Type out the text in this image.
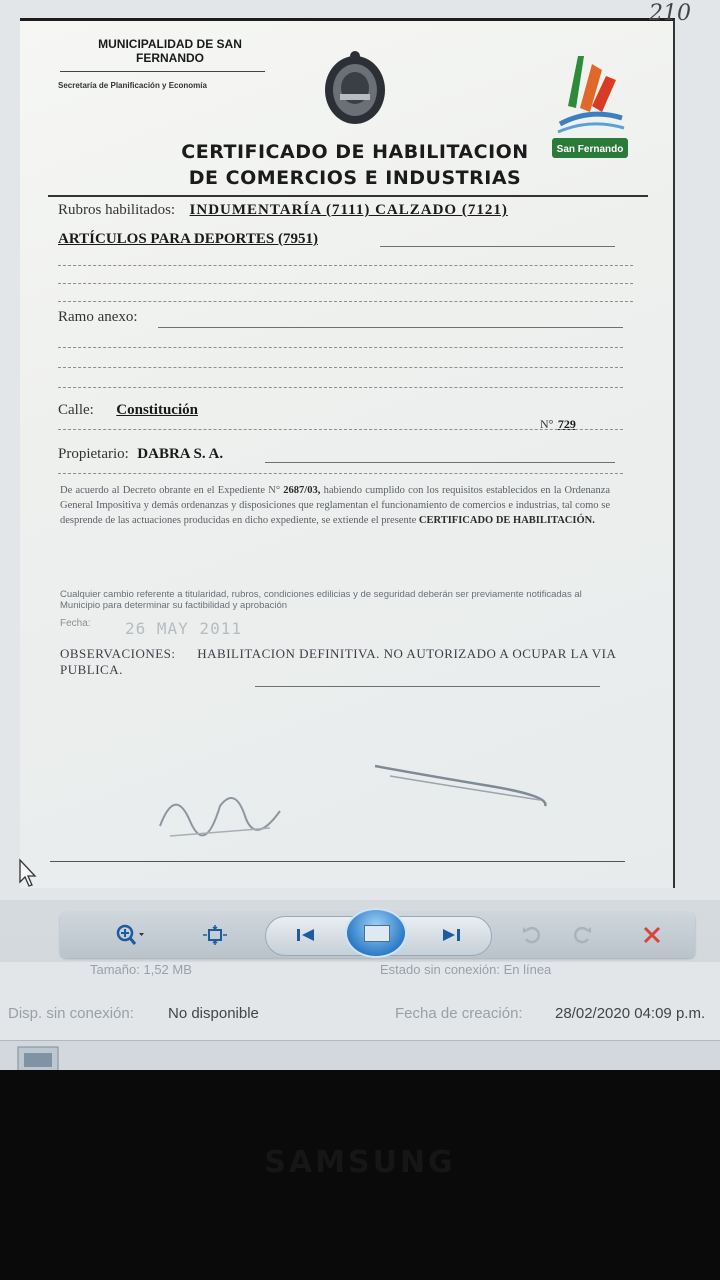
210
MUNICIPALIDAD DE SAN FERNANDO
Secretaría de Planificación y Economía
San Fernando
CERTIFICADO DE HABILITACION
DE COMERCIOS E INDUSTRIAS
Rubros habilitados: INDUMENTARÍA (7111) CALZADO (7121)
ARTÍCULOS PARA DEPORTES (7951)
Ramo anexo:
Calle: Constitución
N° 729
Propietario: DABRA S. A.
De acuerdo al Decreto obrante en el Expediente N° 2687/03, habiendo cumplido con los requisitos establecidos en la Ordenanza General Impositiva y demás ordenanzas y disposiciones que reglamentan el funcionamiento de comercios e industrias, tal como se desprende de las actuaciones producidas en dicho expediente, se extiende el presente CERTIFICADO DE HABILITACIÓN.
Cualquier cambio referente a titularidad, rubros, condiciones edilicias y de seguridad deberán ser previamente notificadas al Municipio para determinar su factibilidad y aprobación
Fecha: 26 MAY 2011
OBSERVACIONES: HABILITACION DEFINITIVA. NO AUTORIZADO A OCUPAR LA VIA PUBLICA.
Tamaño: 1,52 MB	Estado sin conexión: En línea
Disp. sin conexión: No disponible	Fecha de creación: 28/02/2020 04:09 p.m.
SAMSUNG
